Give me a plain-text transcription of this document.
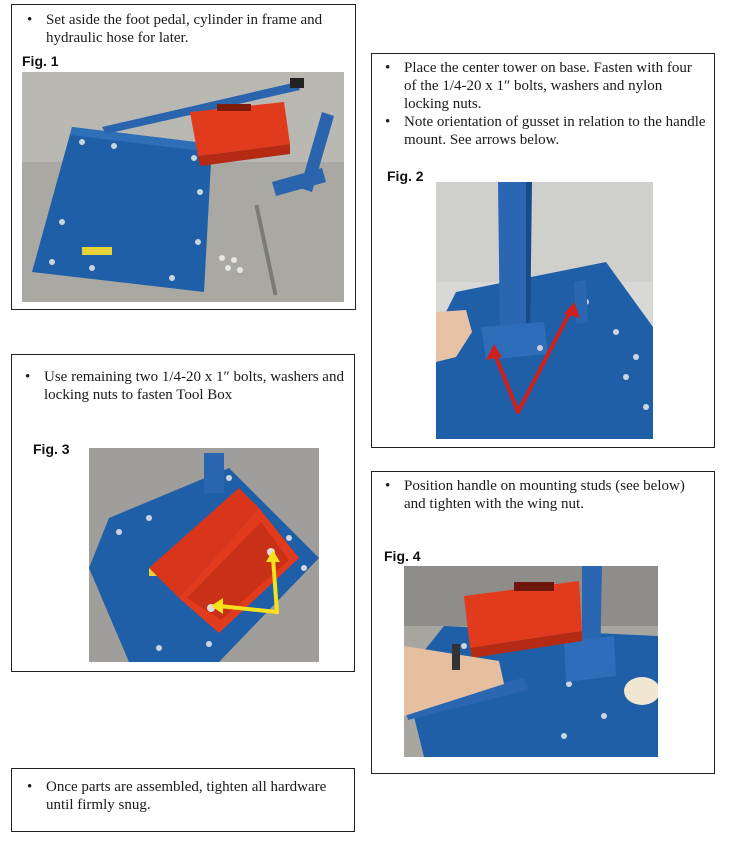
• Set aside the foot pedal, cylinder in frame and hydraulic hose for later.
Fig. 1
•	Place the center tower on base. Fasten with four of the 1/4-20 x 1″ bolts, washers and nylon locking nuts.
• Note orientation of gusset in relation to the handle mount. See arrows below.
Fig. 2
• Use remaining two 1/4-20 x 1″ bolts, washers and locking nuts to fasten Tool Box
Fig. 3
• Position handle on mounting studs (see below) and tighten with the wing nut.
Fig. 4
• Once parts are assembled, tighten all hardware until firmly snug.
